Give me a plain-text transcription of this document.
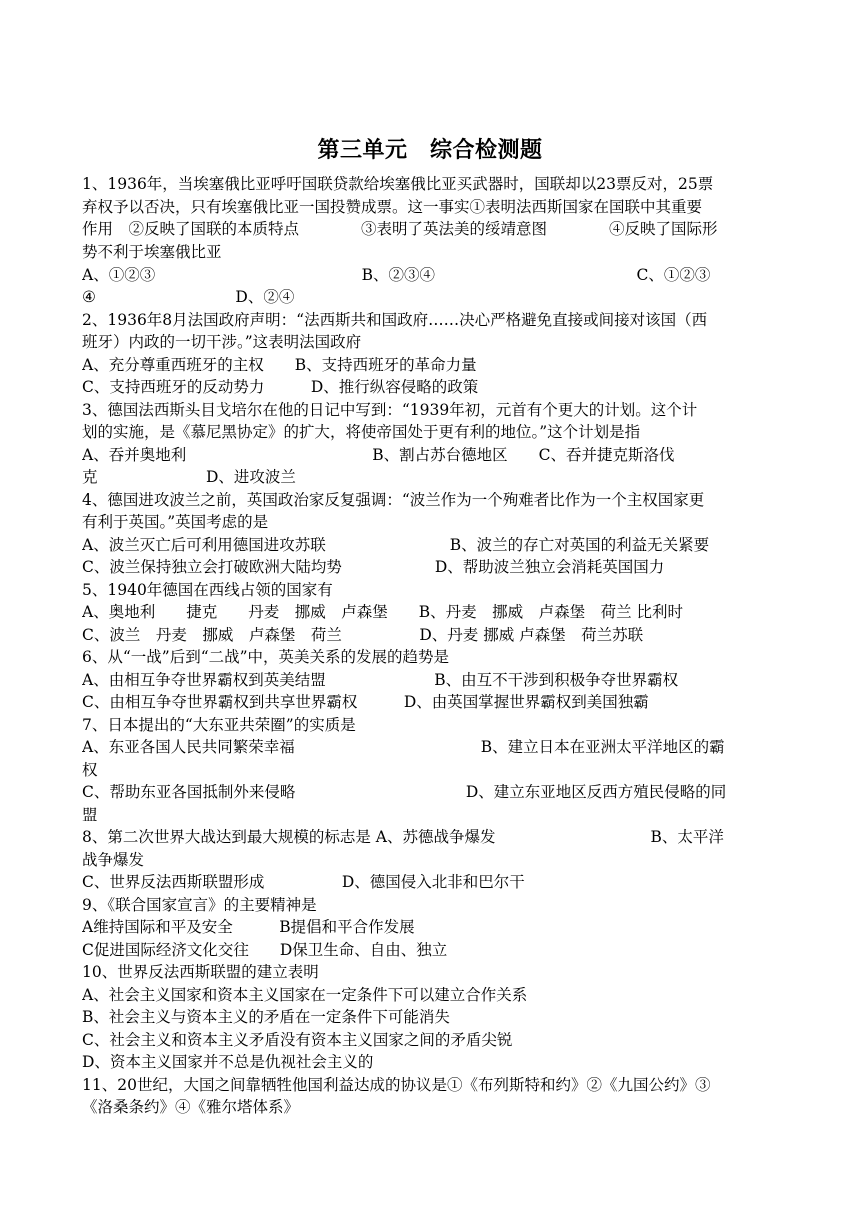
第三单元　综合检测题
1、1936年，当埃塞俄比亚呼吁国联贷款给埃塞俄比亚买武器时，国联却以23票反对，25票
弃权予以否决，只有埃塞俄比亚一国投赞成票。这一事实①表明法西斯国家在国联中其重要
作用　②反映了国联的本质特点　　　　③表明了英法美的绥靖意图　　　　④反映了国际形
势不利于埃塞俄比亚
A、①②③　　　　　　　　　　　　　 B、②③④　　　　　　　　　　　　　C、①②③
④　　　　　　　　　D、②④
2、1936年8月法国政府声明：“法西斯共和国政府……决心严格避免直接或间接对该国（西
班牙）内政的一切干涉。”这表明法国政府
A、充分尊重西班牙的主权　　B、支持西班牙的革命力量
C、支持西班牙的反动势力　　　D、推行纵容侵略的政策
3、德国法西斯头目戈培尔在他的日记中写到：“1939年初，元首有个更大的计划。这个计
划的实施，是《慕尼黑协定》的扩大，将使帝国处于更有利的地位。”这个计划是指
A、吞并奥地利　　　　　　　　　　　　B、割占苏台德地区　　C、吞并捷克斯洛伐
克　　　　　　　D、进攻波兰
4、德国进攻波兰之前，英国政治家反复强调：“波兰作为一个殉难者比作为一个主权国家更
有利于英国。”英国考虑的是
A、波兰灭亡后可利用德国进攻苏联　　　　　　　　B、波兰的存亡对英国的利益无关紧要
C、波兰保持独立会打破欧洲大陆均势　　　　　　D、帮助波兰独立会消耗英国国力
5、1940年德国在西线占领的国家有
A、奥地利　　捷克　　丹麦　挪威　卢森堡　　B、丹麦　挪威　卢森堡　荷兰 比利时
C、波兰　丹麦　挪威　卢森堡　荷兰　　　　　D、丹麦 挪威 卢森堡　荷兰苏联
6、从“一战”后到“二战”中，英美关系的发展的趋势是
A、由相互争夺世界霸权到英美结盟　　　　　　　B、由互不干涉到积极争夺世界霸权
C、由相互争夺世界霸权到共享世界霸权　　　D、由英国掌握世界霸权到美国独霸
7、日本提出的“大东亚共荣圈”的实质是
A、东亚各国人民共同繁荣幸福　　　　　　　　　　　　B、建立日本在亚洲太平洋地区的霸
权
C、帮助东亚各国抵制外来侵略　　　　　　　　　　　D、建立东亚地区反西方殖民侵略的同
盟
8、第二次世界大战达到最大规模的标志是 A、苏德战争爆发　　　　　　　　　　B、太平洋
战争爆发
C、世界反法西斯联盟形成　　　　　D、德国侵入北非和巴尔干
9、《联合国家宣言》的主要精神是
A维持国际和平及安全　　　B提倡和平合作发展
C促进国际经济文化交往　　D保卫生命、自由、独立
10、世界反法西斯联盟的建立表明
A、社会主义国家和资本主义国家在一定条件下可以建立合作关系
B、社会主义与资本主义的矛盾在一定条件下可能消失
C、社会主义和资本主义矛盾没有资本主义国家之间的矛盾尖锐
D、资本主义国家并不总是仇视社会主义的
11、20世纪，大国之间靠牺牲他国利益达成的协议是①《布列斯特和约》②《九国公约》③
《洛桑条约》④《雅尔塔体系》
